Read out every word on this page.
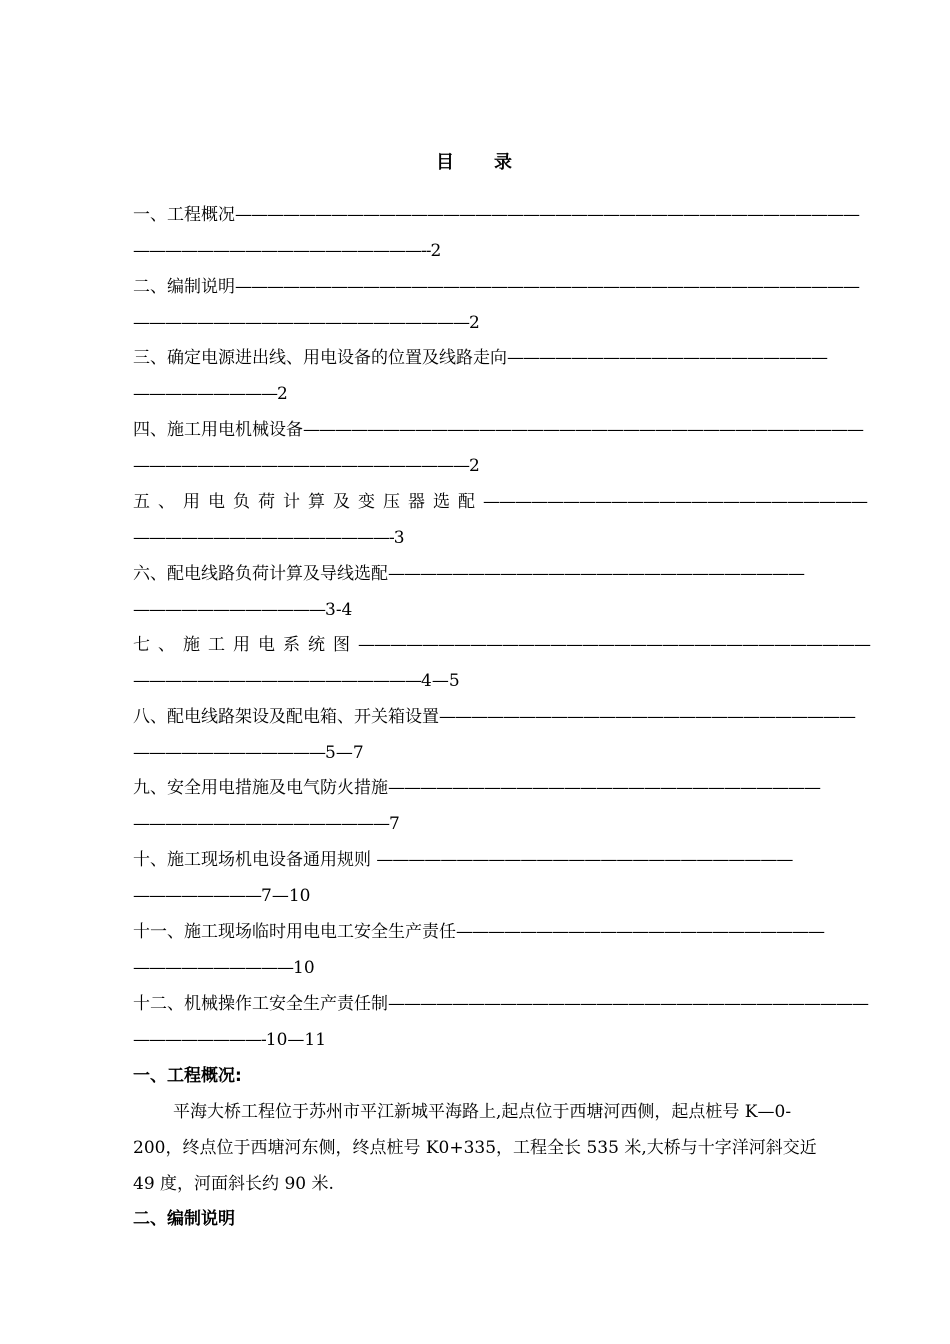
目 录
一、工程概况———————————————————————————————————————
——————————————————--2
二、编制说明———————————————————————————————————————
—————————————————————2
三、确定电源进出线、用电设备的位置及线路走向————————————————————
—————————2
四、施工用电机械设备———————————————————————————————————
—————————————————————2
五、用电负荷计算及变压器选配————————————————————————
————————————————-3
六、配电线路负荷计算及导线选配——————————————————————————
————————————3-4
七、施工用电系统图————————————————————————————————
——————————————————4—5
八、配电线路架设及配电箱、开关箱设置——————————————————————————
————————————5—7
九、安全用电措施及电气防火措施———————————————————————————
————————————————7
十、施工现场机电设备通用规则 ——————————————————————————
————————7—10
十一、施工现场临时用电电工安全生产责任———————————————————————
——————————10
十二、机械操作工安全生产责任制——————————————————————————————
————————-10—11
一、工程概况:
平海大桥工程位于苏州市平江新城平海路上,起点位于西塘河西侧，起点桩号 K—0-
200，终点位于西塘河东侧，终点桩号 K0+335，工程全长 535 米,大桥与十字洋河斜交近
49 度，河面斜长约 90 米.
二、编制说明
